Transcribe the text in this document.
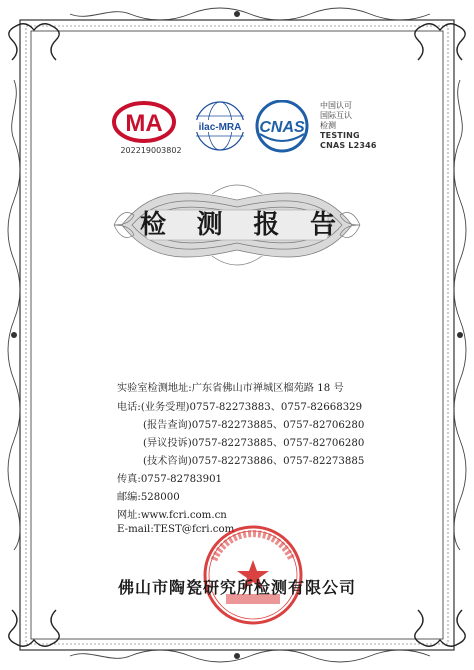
MA	ilac-MRA CNAS
202219003802
中国认可
国际互认
检测
TESTING
CNAS L2346
检 测 报 告
实验室检测地址:广东省佛山市禅城区榴苑路 18 号
电话:(业务受理)0757-82273883、0757-82668329
(报告查询)0757-82273885、0757-82706280
(异议投诉)0757-82273885、0757-82706280
(技术咨询)0757-82273886、0757-82273885
传真:0757-82783901
邮编:528000
网址:www.fcri.com.cn
E-mail:TEST@fcri.com
佛山市陶瓷研究所检测有限公司
